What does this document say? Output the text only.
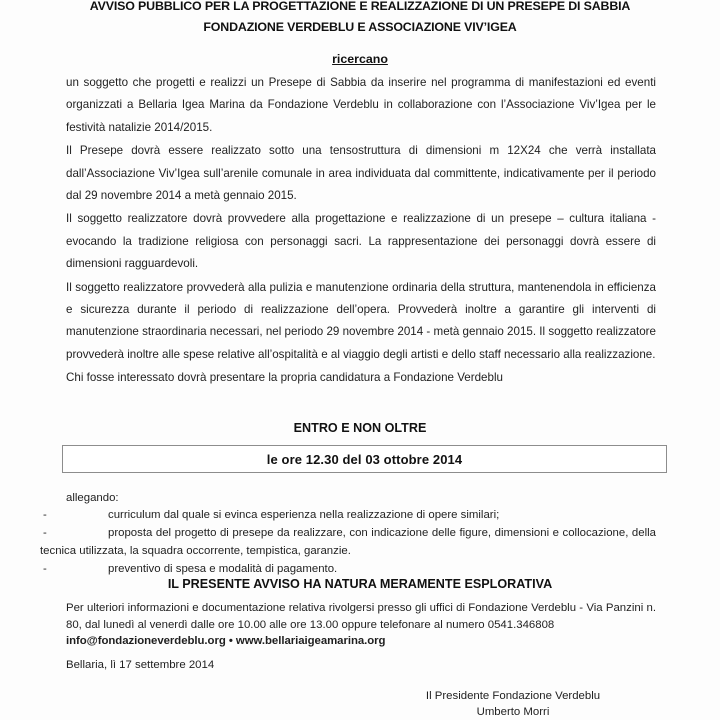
AVVISO PUBBLICO PER LA PROGETTAZIONE E REALIZZAZIONE DI UN PRESEPE DI SABBIA
FONDAZIONE VERDEBLU E ASSOCIAZIONE VIV’IGEA
ricercano

un soggetto che progetti e realizzi un Presepe di Sabbia da inserire nel programma di manifestazioni ed eventi organizzati a Bellaria Igea Marina da Fondazione Verdeblu in collaborazione con l’Associazione Viv’Igea per le festività natalizie 2014/2015.

Il Presepe dovrà essere realizzato sotto una tensostruttura di dimensioni m 12X24 che verrà installata dall’Associazione Viv’Igea sull’arenile comunale in area individuata dal committente, indicativamente per il periodo dal 29 novembre 2014 a metà gennaio 2015.

Il soggetto realizzatore dovrà provvedere alla progettazione e realizzazione di un presepe – cultura italiana - evocando la tradizione religiosa con personaggi sacri. La rappresentazione dei personaggi dovrà essere di dimensioni ragguardevoli.

Il soggetto realizzatore provvederà alla pulizia e manutenzione ordinaria della struttura, mantenendola in efficienza e sicurezza durante il periodo di realizzazione dell’opera. Provvederà inoltre a garantire gli interventi di manutenzione straordinaria necessari, nel periodo 29 novembre 2014 - metà gennaio 2015. Il soggetto realizzatore provvederà inoltre alle spese relative all’ospitalità e al viaggio degli artisti e dello staff necessario alla realizzazione.

Chi fosse interessato dovrà presentare la propria candidatura a Fondazione Verdeblu

ENTRO E NON OLTRE
le ore 12.30 del 03 ottobre 2014
allegando:
-	curriculum dal quale si evinca esperienza nella realizzazione di opere similari;
-	proposta del progetto di presepe da realizzare, con indicazione delle figure, dimensioni e collocazione, della tecnica utilizzata, la squadra occorrente, tempistica, garanzie.
-	preventivo di spesa e modalità di pagamento.
IL PRESENTE AVVISO HA NATURA MERAMENTE ESPLORATIVA

Per ulteriori informazioni e documentazione relativa rivolgersi presso gli uffici di Fondazione Verdeblu - Via Panzini n. 80, dal lunedì al venerdì dalle ore 10.00 alle ore 13.00 oppure telefonare al numero 0541.346808

info@fondazioneverdeblu.org • www.bellariaigeamarina.org

Bellaria, lì 17 settembre 2014
Il Presidente Fondazione Verdeblu
Umberto Morri
